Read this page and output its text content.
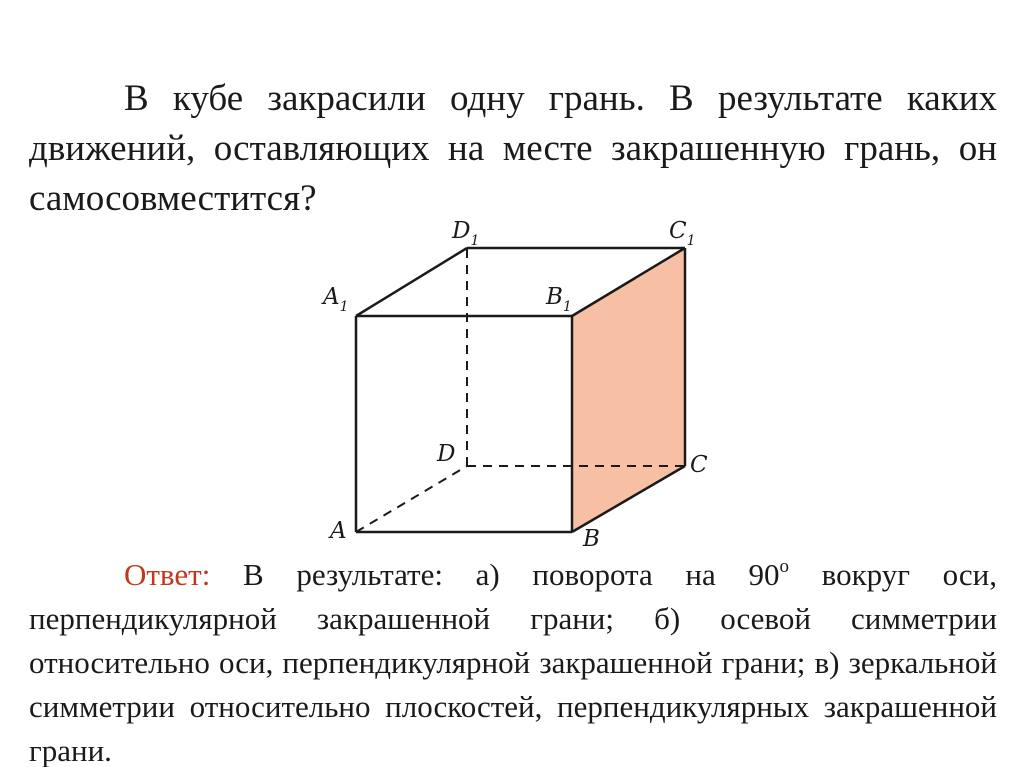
В кубе закрасили одну грань. В результате каких движений, оставляющих на месте закрашенную грань, он самосовместится?

A	B
C
D
$A_1$	$B_1$
$C_1$
$D_1$

Ответ: В результате: а) поворота на 90$^o$ вокруг оси, перпендикулярной закрашенной грани; б) осевой симметрии относительно оси, перпендикулярной закрашенной грани; в) зеркальной симметрии относительно плоскостей, перпендикулярных закрашенной грани.
